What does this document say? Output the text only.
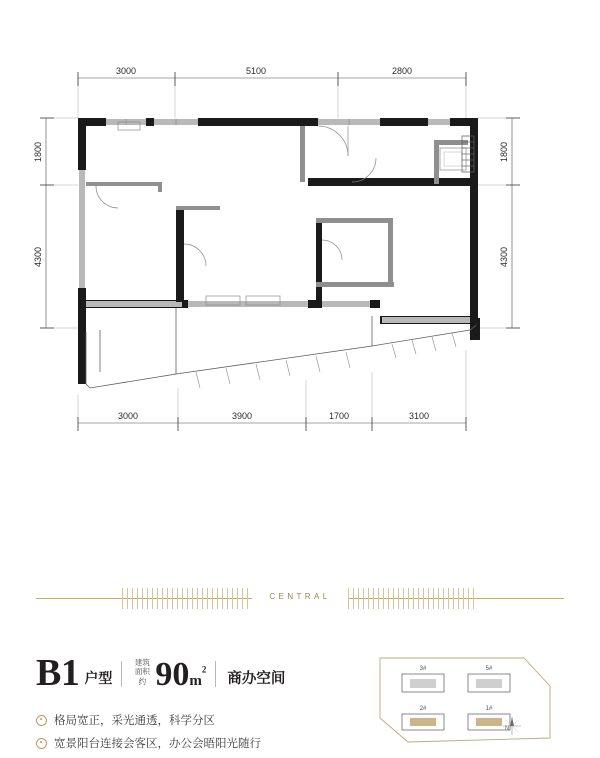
3000	5100	2800
1800
4300
1800
4300
3000	3900	1700	3100
CENTRAL
B1 户型
建筑
面积约 $90m^2$
商办空间
格局宽正，采光通透，科学分区
宽景阳台连接会客区，办公会晤阳光随行
3#	5#
2#	1#
N
